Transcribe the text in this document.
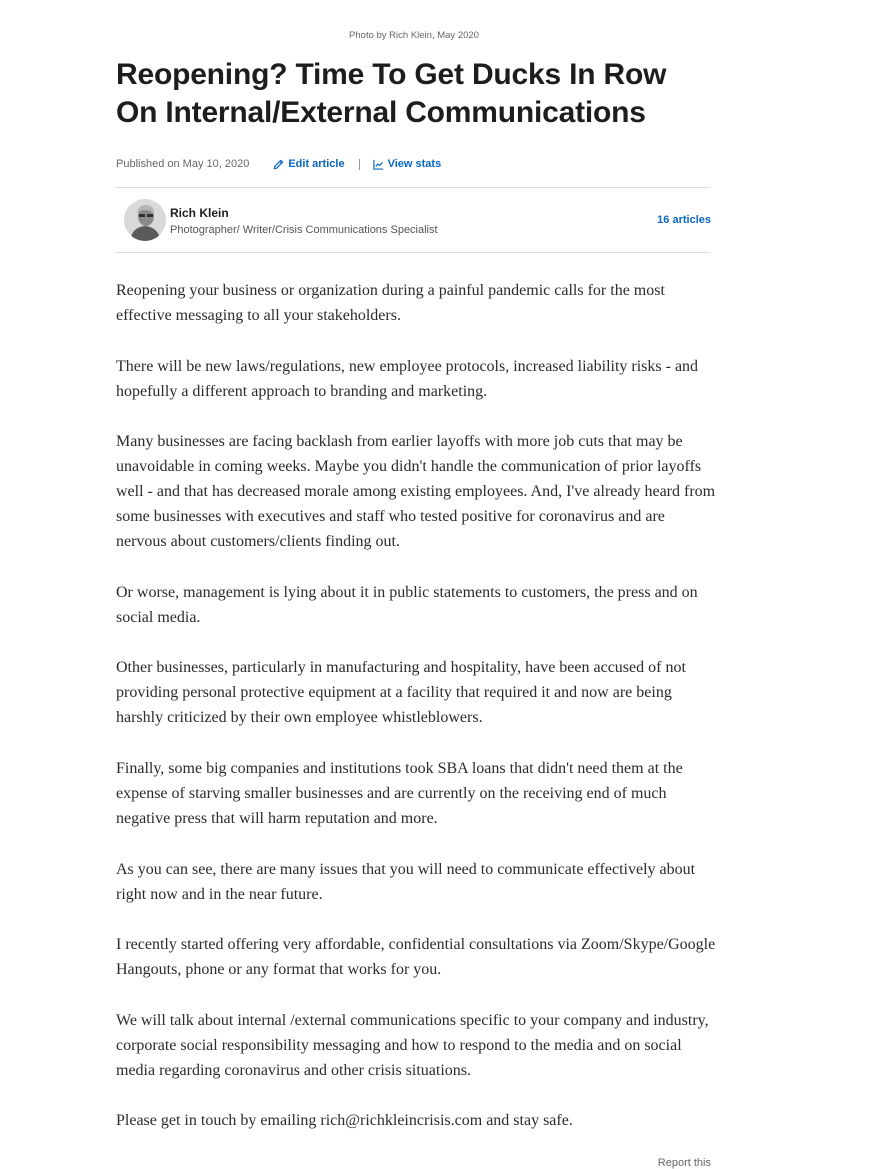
Photo by Rich Klein, May 2020
Reopening? Time To Get Ducks In Row On Internal/External Communications
Published on May 10, 2020	Edit article	View stats
Rich Klein
Photographer/ Writer/Crisis Communications Specialist
16 articles

Reopening your business or organization during a painful pandemic calls for the most effective messaging to all your stakeholders.

There will be new laws/regulations, new employee protocols, increased liability risks - and hopefully a different approach to branding and marketing.

Many businesses are facing backlash from earlier layoffs with more job cuts that may be unavoidable in coming weeks. Maybe you didn't handle the communication of prior layoffs well - and that has decreased morale among existing employees. And, I've already heard from some businesses with executives and staff who tested positive for coronavirus and are nervous about customers/clients finding out.

Or worse, management is lying about it in public statements to customers, the press and on social media.

Other businesses, particularly in manufacturing and hospitality, have been accused of not providing personal protective equipment at a facility that required it and now are being harshly criticized by their own employee whistleblowers.

Finally, some big companies and institutions took SBA loans that didn't need them at the expense of starving smaller businesses and are currently on the receiving end of much negative press that will harm reputation and more.

As you can see, there are many issues that you will need to communicate effectively about right now and in the near future.

I recently started offering very affordable, confidential consultations via Zoom/Skype/Google Hangouts, phone or any format that works for you.

We will talk about internal /external communications specific to your company and industry, corporate social responsibility messaging and how to respond to the media and on social media regarding coronavirus and other crisis situations.

Please get in touch by emailing rich@richkleincrisis.com and stay safe.

Report this
